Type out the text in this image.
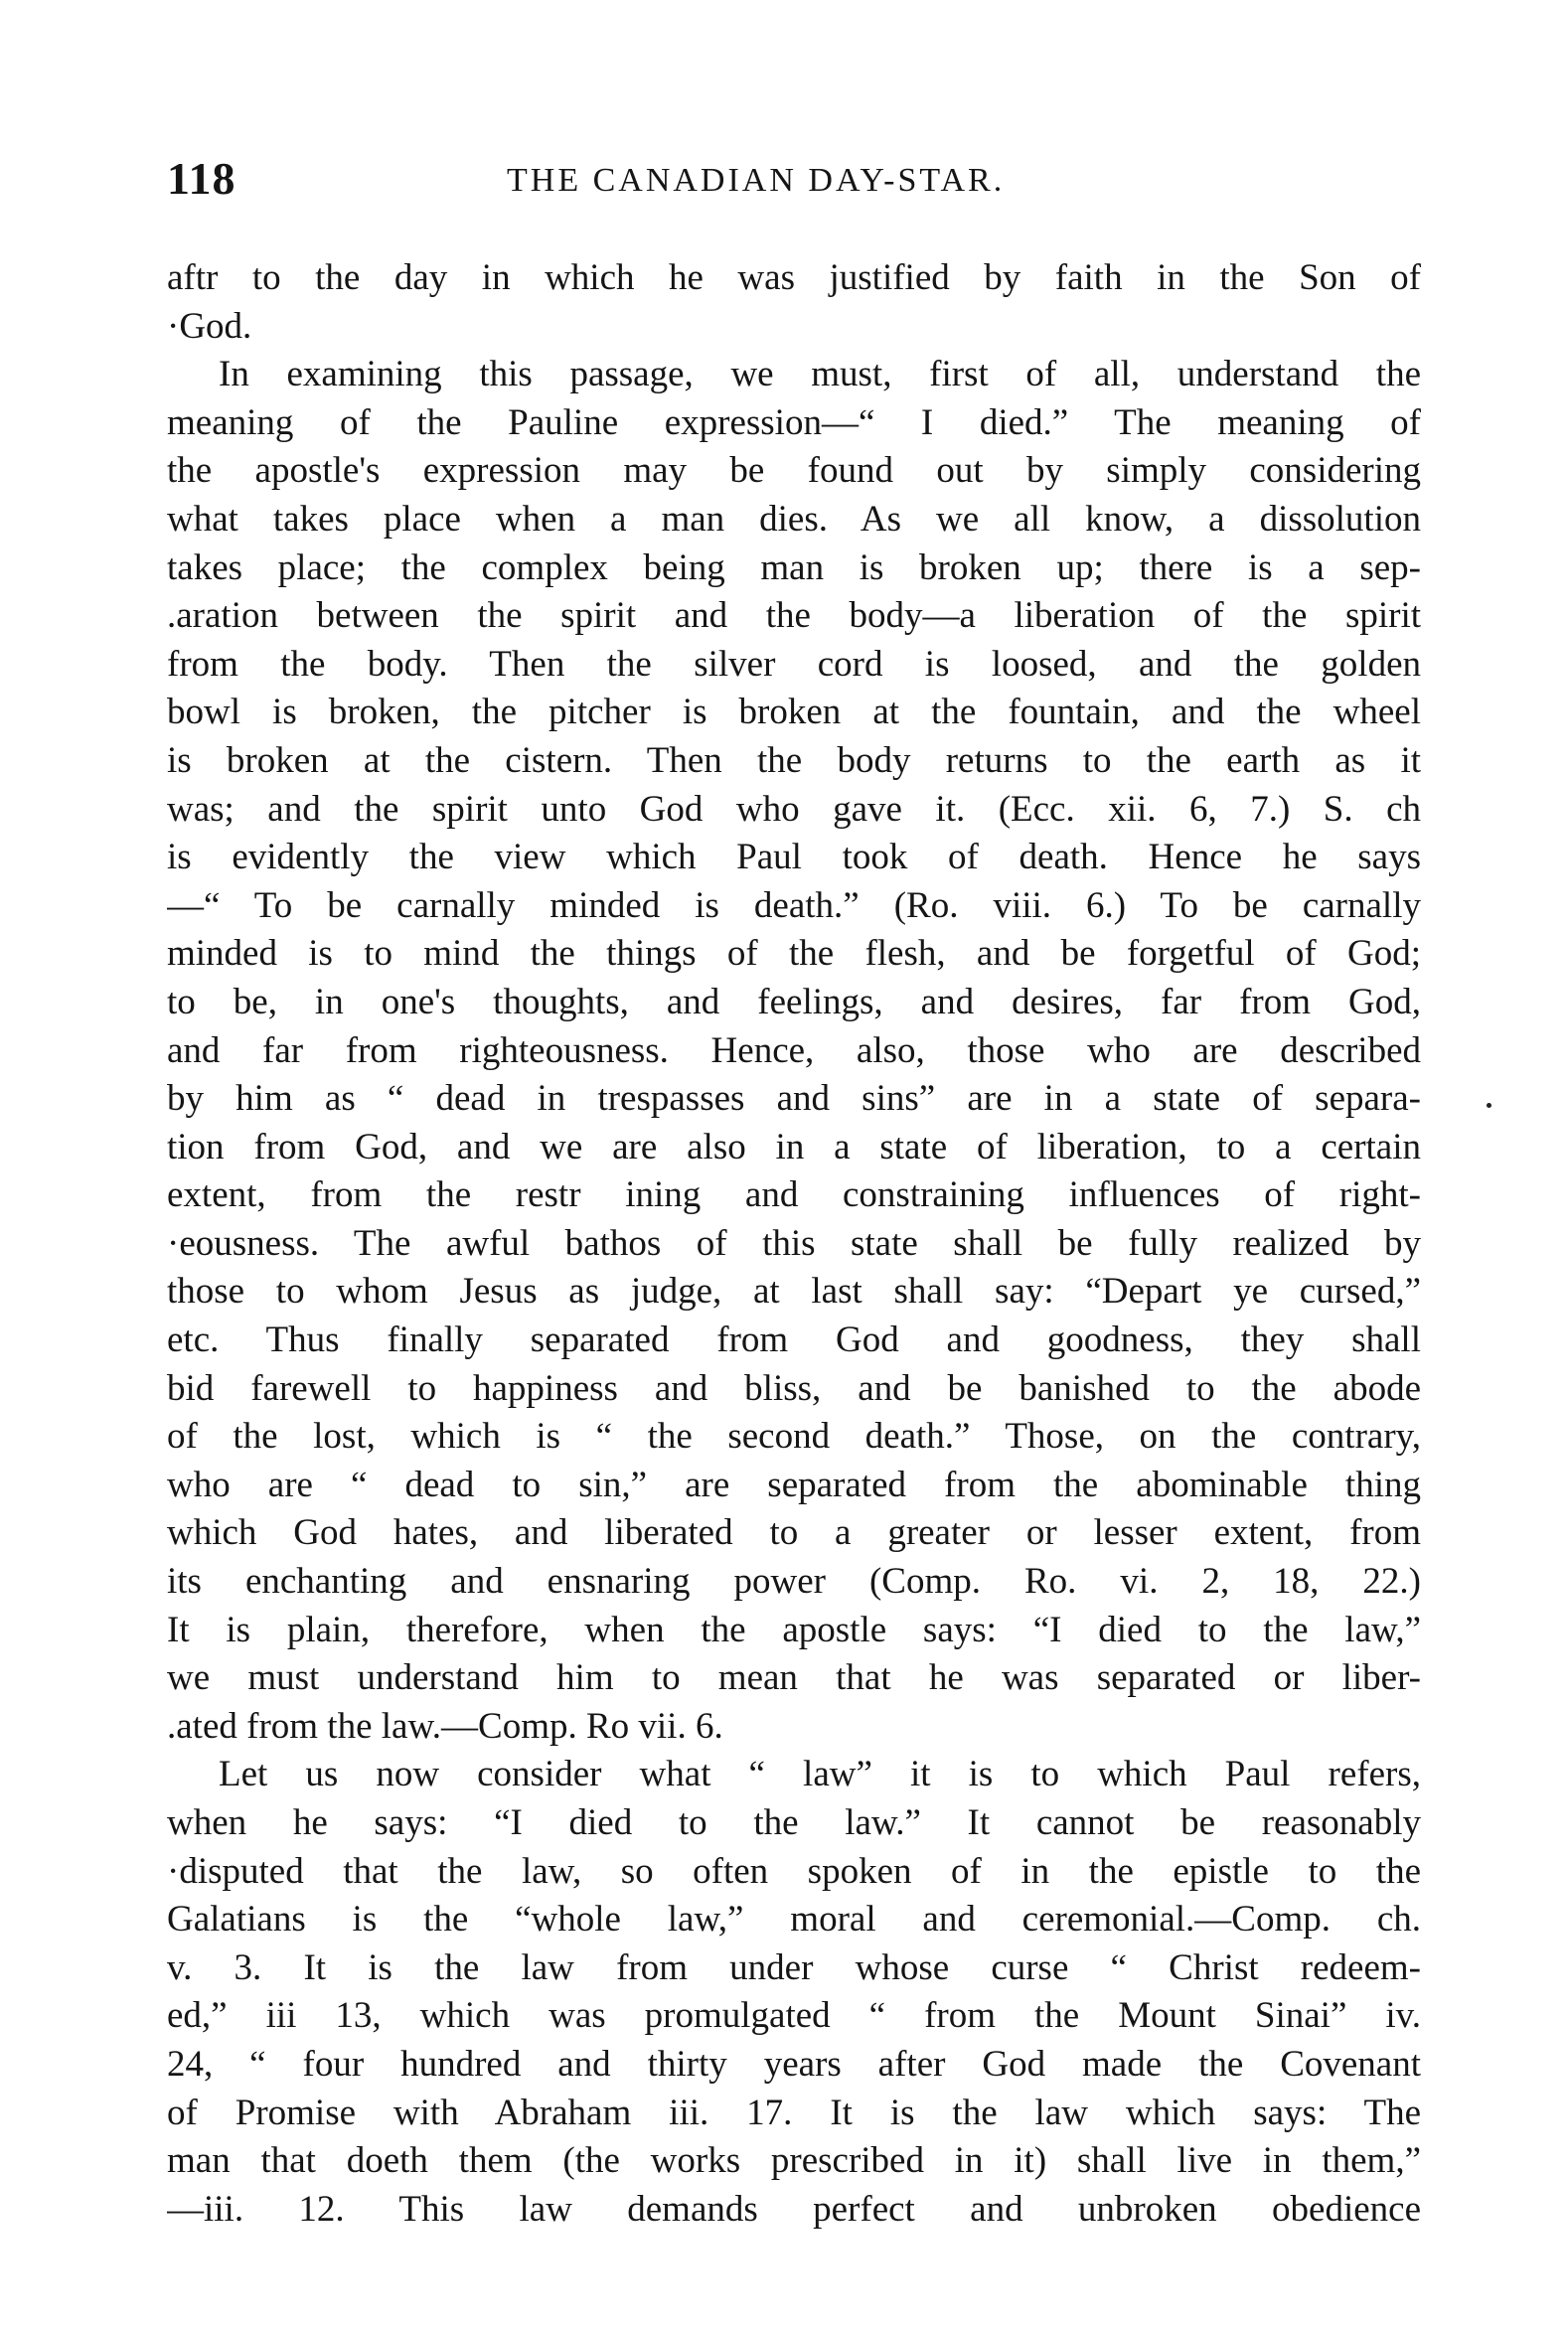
118	THE CANADIAN DAY-STAR.
aftr to the day in which he was justified by faith in the Son of
·God.
In examining this passage, we must, first of all, understand the
meaning of the Pauline expression—“ I died.” The meaning of
the apostle's expression may be found out by simply considering
what takes place when a man dies. As we all know, a dissolution
takes place; the complex being man is broken up; there is a sep-
.aration between the spirit and the body—a liberation of the spirit
from the body. Then the silver cord is loosed, and the golden
bowl is broken, the pitcher is broken at the fountain, and the wheel
is broken at the cistern. Then the body returns to the earth as it
was; and the spirit unto God who gave it. (Ecc. xii. 6, 7.) S. ch
is evidently the view which Paul took of death. Hence he says
—“ To be carnally minded is death.” (Ro. viii. 6.) To be carnally
minded is to mind the things of the flesh, and be forgetful of God;
to be, in one's thoughts, and feelings, and desires, far from God,
and far from righteousness. Hence, also, those who are described
by him as “ dead in trespasses and sins” are in a state of separa-
tion from God, and we are also in a state of liberation, to a certain
extent, from the restr ining and constraining influences of right-
·eousness. The awful bathos of this state shall be fully realized by
those to whom Jesus as judge, at last shall say: “Depart ye cursed,”
etc. Thus finally separated from God and goodness, they shall
bid farewell to happiness and bliss, and be banished to the abode
of the lost, which is “ the second death.” Those, on the contrary,
who are “ dead to sin,” are separated from the abominable thing
which God hates, and liberated to a greater or lesser extent, from
its enchanting and ensnaring power (Comp. Ro. vi. 2, 18, 22.)
It is plain, therefore, when the apostle says: “I died to the law,”
we must understand him to mean that he was separated or liber-
.ated from the law.—Comp. Ro vii. 6.
Let us now consider what “ law” it is to which Paul refers,
when he says: “I died to the law.” It cannot be reasonably
·disputed that the law, so often spoken of in the epistle to the
Galatians is the “whole law,” moral and ceremonial.—Comp. ch.
v. 3. It is the law from under whose curse “ Christ redeem-
ed,” iii 13, which was promulgated “ from the Mount Sinai” iv.
24, “ four hundred and thirty years after God made the Covenant
of Promise with Abraham iii. 17. It is the law which says: The
man that doeth them (the works prescribed in it) shall live in them,”
—iii. 12. This law demands perfect and unbroken obedience
